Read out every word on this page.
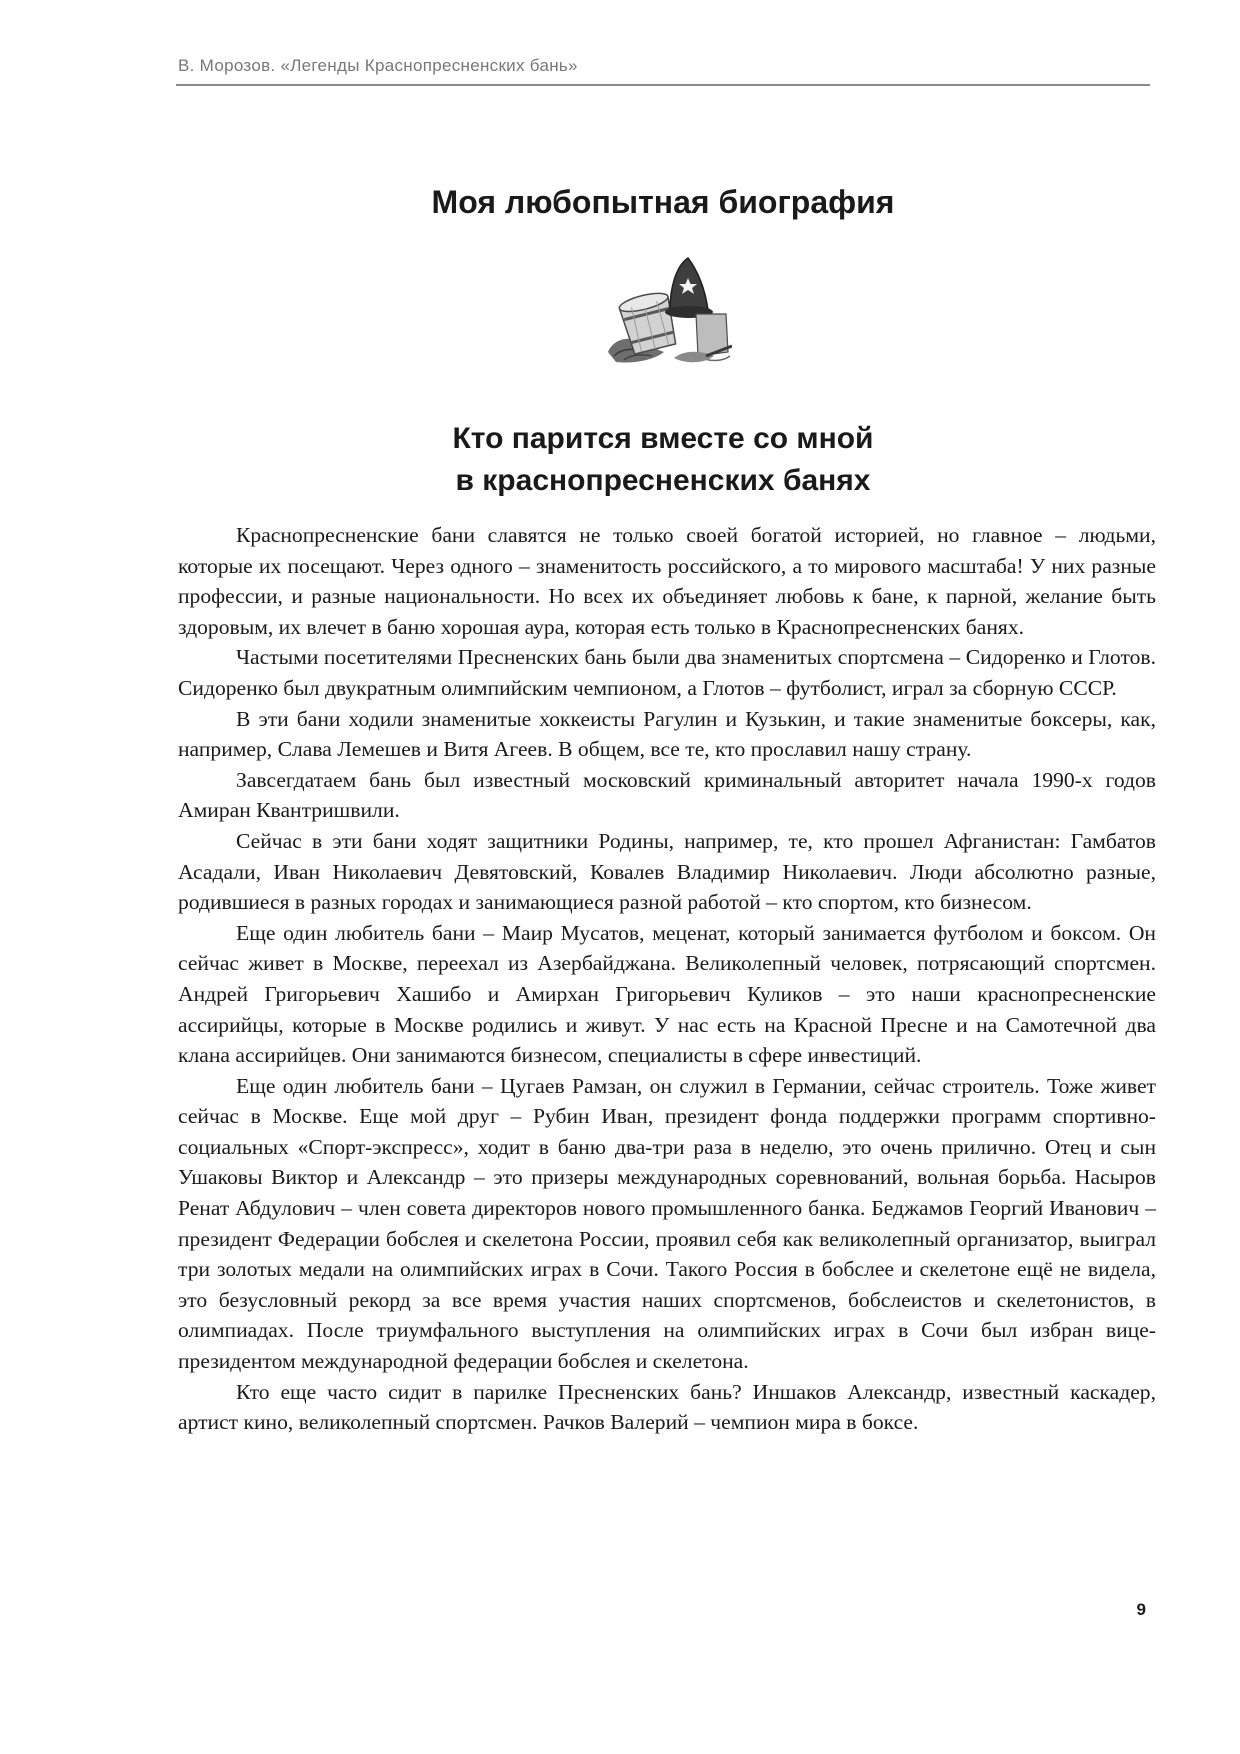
В. Морозов. «Легенды Краснопресненских бань»
Моя любопытная биография
Кто парится вместе со мной
в краснопресненских банях

Краснопресненские бани славятся не только своей богатой историей, но главное – людьми, которые их посещают. Через одного – знаменитость российского, а то мирового масштаба! У них разные профессии, и разные национальности. Но всех их объединяет любовь к бане, к парной, желание быть здоровым, их влечет в баню хорошая аура, которая есть только в Краснопресненских банях.

Частыми посетителями Пресненских бань были два знаменитых спортсмена – Сидоренко и Глотов. Сидоренко был двукратным олимпийским чемпионом, а Глотов – футболист, играл за сборную СССР.

В эти бани ходили знаменитые хоккеисты Рагулин и Кузькин, и такие знаменитые боксеры, как, например, Слава Лемешев и Витя Агеев. В общем, все те, кто прославил нашу страну.

Завсегдатаем бань был известный московский криминальный авторитет начала 1990-х годов Амиран Квантришвили.

Сейчас в эти бани ходят защитники Родины, например, те, кто прошел Афганистан: Гамбатов Асадали, Иван Николаевич Девятовский, Ковалев Владимир Николаевич. Люди абсолютно разные, родившиеся в разных городах и занимающиеся разной работой – кто спортом, кто бизнесом.

Еще один любитель бани – Маир Мусатов, меценат, который занимается футболом и боксом. Он сейчас живет в Москве, переехал из Азербайджана. Великолепный человек, потрясающий спортсмен. Андрей Григорьевич Хашибо и Амирхан Григорьевич Куликов – это наши краснопресненские ассирийцы, которые в Москве родились и живут. У нас есть на Красной Пресне и на Самотечной два клана ассирийцев. Они занимаются бизнесом, специалисты в сфере инвестиций.

Еще один любитель бани – Цугаев Рамзан, он служил в Германии, сейчас строитель. Тоже живет сейчас в Москве. Еще мой друг – Рубин Иван, президент фонда поддержки программ спортивно-социальных «Спорт-экспресс», ходит в баню два-три раза в неделю, это очень прилично. Отец и сын Ушаковы Виктор и Александр – это призеры международных соревнований, вольная борьба. Насыров Ренат Абдулович – член совета директоров нового промышленного банка. Беджамов Георгий Иванович – президент Федерации бобслея и скелетона России, проявил себя как великолепный организатор, выиграл три золотых медали на олимпийских играх в Сочи. Такого Россия в бобслее и скелетоне ещё не видела, это безусловный рекорд за все время участия наших спортсменов, бобслеистов и скелетонистов, в олимпиадах. После триумфального выступления на олимпийских играх в Сочи был избран вице-президентом международной федерации бобслея и скелетона.

Кто еще часто сидит в парилке Пресненских бань? Иншаков Александр, известный каскадер, артист кино, великолепный спортсмен. Рачков Валерий – чемпион мира в боксе.

9
